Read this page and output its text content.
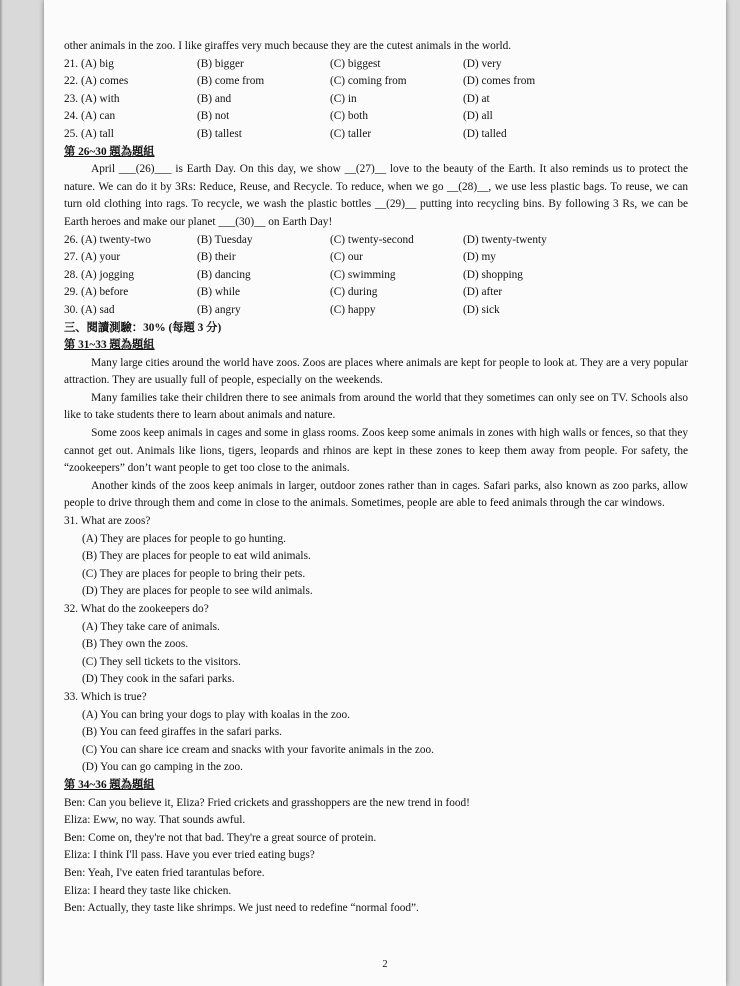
other animals in the zoo. I like giraffes very much because they are the cutest animals in the world.
21. (A) big	(B) bigger	(C) biggest	(D) very
22. (A) comes	(B) come from	(C) coming from	(D) comes from
23. (A) with	(B) and	(C) in	(D) at
24. (A) can	(B) not	(C) both	(D) all
25. (A) tall	(B) tallest	(C) taller	(D) talled
第 26~30 題為題組
April ___(26)___ is Earth Day. On this day, we show __(27)__ love to the beauty of the Earth. It also reminds us to protect the nature. We can do it by 3Rs: Reduce, Reuse, and Recycle. To reduce, when we go __(28)__, we use less plastic bags. To reuse, we can turn old clothing into rags. To recycle, we wash the plastic bottles __(29)__ putting into recycling bins. By following 3 Rs, we can be Earth heroes and make our planet ___(30)__ on Earth Day!
26. (A) twenty-two	(B) Tuesday	(C) twenty-second	(D) twenty-twenty
27. (A) your	(B) their	(C) our	(D) my
28. (A) jogging	(B) dancing	(C) swimming	(D) shopping
29. (A) before	(B) while	(C) during	(D) after
30. (A) sad	(B) angry	(C) happy	(D) sick
三、閱讀測驗：30% (每題 3 分)
第 31~33 題為題組
Many large cities around the world have zoos. Zoos are places where animals are kept for people to look at. They are a very popular attraction. They are usually full of people, especially on the weekends.
Many families take their children there to see animals from around the world that they sometimes can only see on TV. Schools also like to take students there to learn about animals and nature.
Some zoos keep animals in cages and some in glass rooms. Zoos keep some animals in zones with high walls or fences, so that they cannot get out. Animals like lions, tigers, leopards and rhinos are kept in these zones to keep them away from people. For safety, the “zookeepers” don’t want people to get too close to the animals.
Another kinds of the zoos keep animals in larger, outdoor zones rather than in cages. Safari parks, also known as zoo parks, allow people to drive through them and come in close to the animals. Sometimes, people are able to feed animals through the car windows.
31. What are zoos?
(A) They are places for people to go hunting.
(B) They are places for people to eat wild animals.
(C) They are places for people to bring their pets.
(D) They are places for people to see wild animals.
32. What do the zookeepers do?
(A) They take care of animals.
(B) They own the zoos.
(C) They sell tickets to the visitors.
(D) They cook in the safari parks.
33. Which is true?
(A) You can bring your dogs to play with koalas in the zoo.
(B) You can feed giraffes in the safari parks.
(C) You can share ice cream and snacks with your favorite animals in the zoo.
(D) You can go camping in the zoo.
第 34~36 題為題組
Ben: Can you believe it, Eliza? Fried crickets and grasshoppers are the new trend in food!
Eliza: Eww, no way. That sounds awful.
Ben: Come on, they're not that bad. They're a great source of protein.
Eliza: I think I'll pass. Have you ever tried eating bugs?
Ben: Yeah, I've eaten fried tarantulas before.
Eliza: I heard they taste like chicken.
Ben: Actually, they taste like shrimps. We just need to redefine “normal food”.
2
